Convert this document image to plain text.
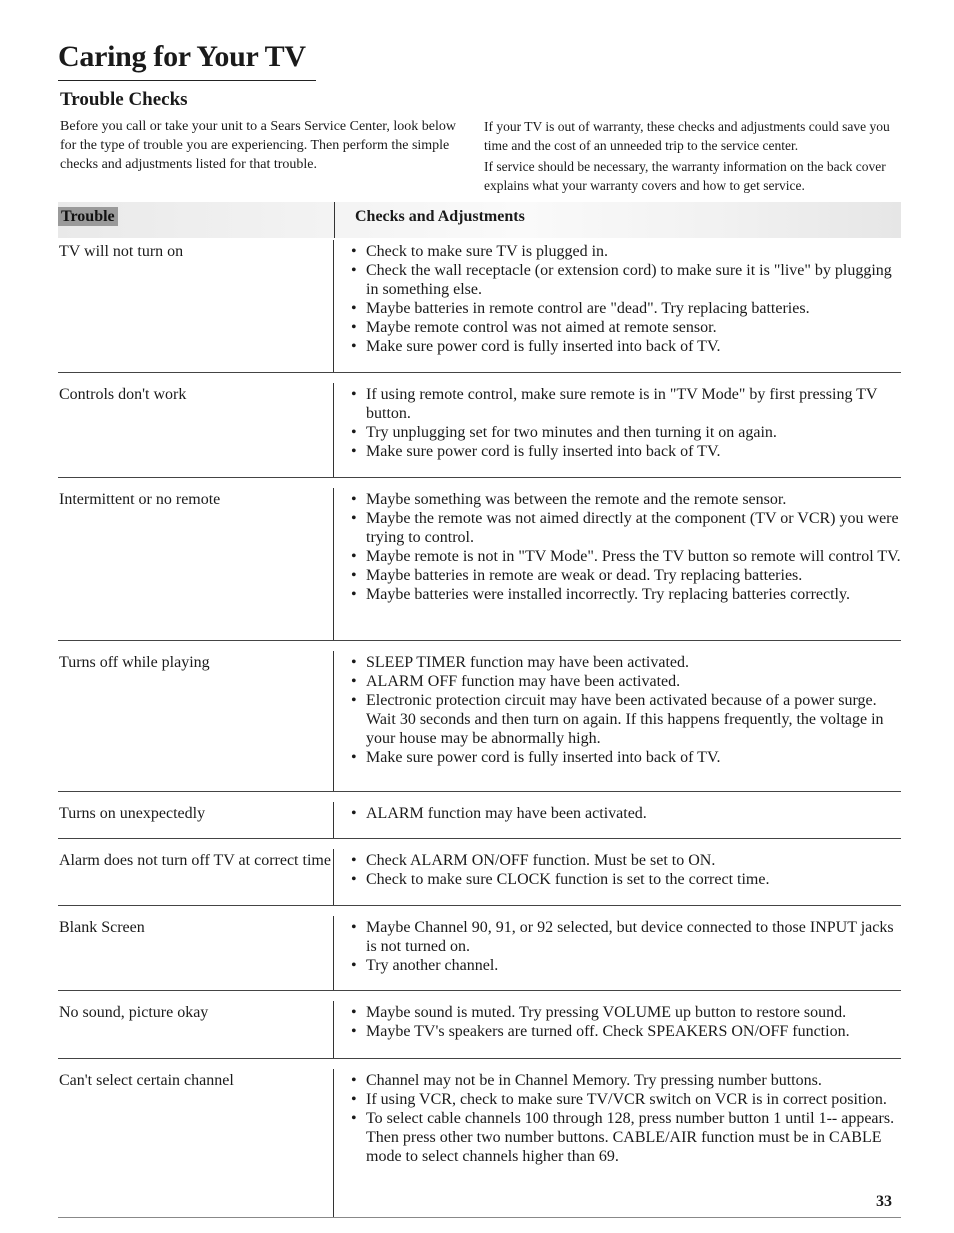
Caring for Your TV
Trouble Checks

Before you call or take your unit to a Sears Service Center, look below for the type of trouble you are experiencing. Then perform the simple checks and adjustments listed for that trouble.

If your TV is out of warranty, these checks and adjustments could save you time and the cost of an unneeded trip to the service center.

If service should be necessary, the warranty information on the back cover explains what your warranty covers and how to get service.

Trouble	Checks and Adjustments
TV will not turn on	• Check to make sure TV is plugged in.
• Check the wall receptacle (or extension cord) to make sure it is "live" by plugging in something else.
• Maybe batteries in remote control are "dead". Try replacing batteries.
• Maybe remote control was not aimed at remote sensor.
• Make sure power cord is fully inserted into back of TV.
Controls don't work	• If using remote control, make sure remote is in "TV Mode" by first pressing TV button.
• Try unplugging set for two minutes and then turning it on again.
• Make sure power cord is fully inserted into back of TV.
Intermittent or no remote	• Maybe something was between the remote and the remote sensor.
• Maybe the remote was not aimed directly at the component (TV or VCR) you were trying to control.
• Maybe remote is not in "TV Mode". Press the TV button so remote will control TV.
• Maybe batteries in remote are weak or dead. Try replacing batteries.
• Maybe batteries were installed incorrectly. Try replacing batteries correctly.
Turns off while playing	• SLEEP TIMER function may have been activated.
• ALARM OFF function may have been activated.
• Electronic protection circuit may have been activated because of a power surge. Wait 30 seconds and then turn on again. If this happens frequently, the voltage in your house may be abnormally high.
• Make sure power cord is fully inserted into back of TV.
Turns on unexpectedly	• ALARM function may have been activated.
Alarm does not turn off TV at correct time	• Check ALARM ON/OFF function. Must be set to ON.
• Check to make sure CLOCK function is set to the correct time.
Blank Screen	• Maybe Channel 90, 91, or 92 selected, but device connected to those INPUT jacks is not turned on.
• Try another channel.
No sound, picture okay	• Maybe sound is muted. Try pressing VOLUME up button to restore sound.
• Maybe TV's speakers are turned off. Check SPEAKERS ON/OFF function.
Can't select certain channel	• Channel may not be in Channel Memory. Try pressing number buttons.
• If using VCR, check to make sure TV/VCR switch on VCR is in correct position.
• To select cable channels 100 through 128, press number button 1 until 1-- appears. Then press other two number buttons. CABLE/AIR function must be in CABLE mode to select channels higher than 69.
33
